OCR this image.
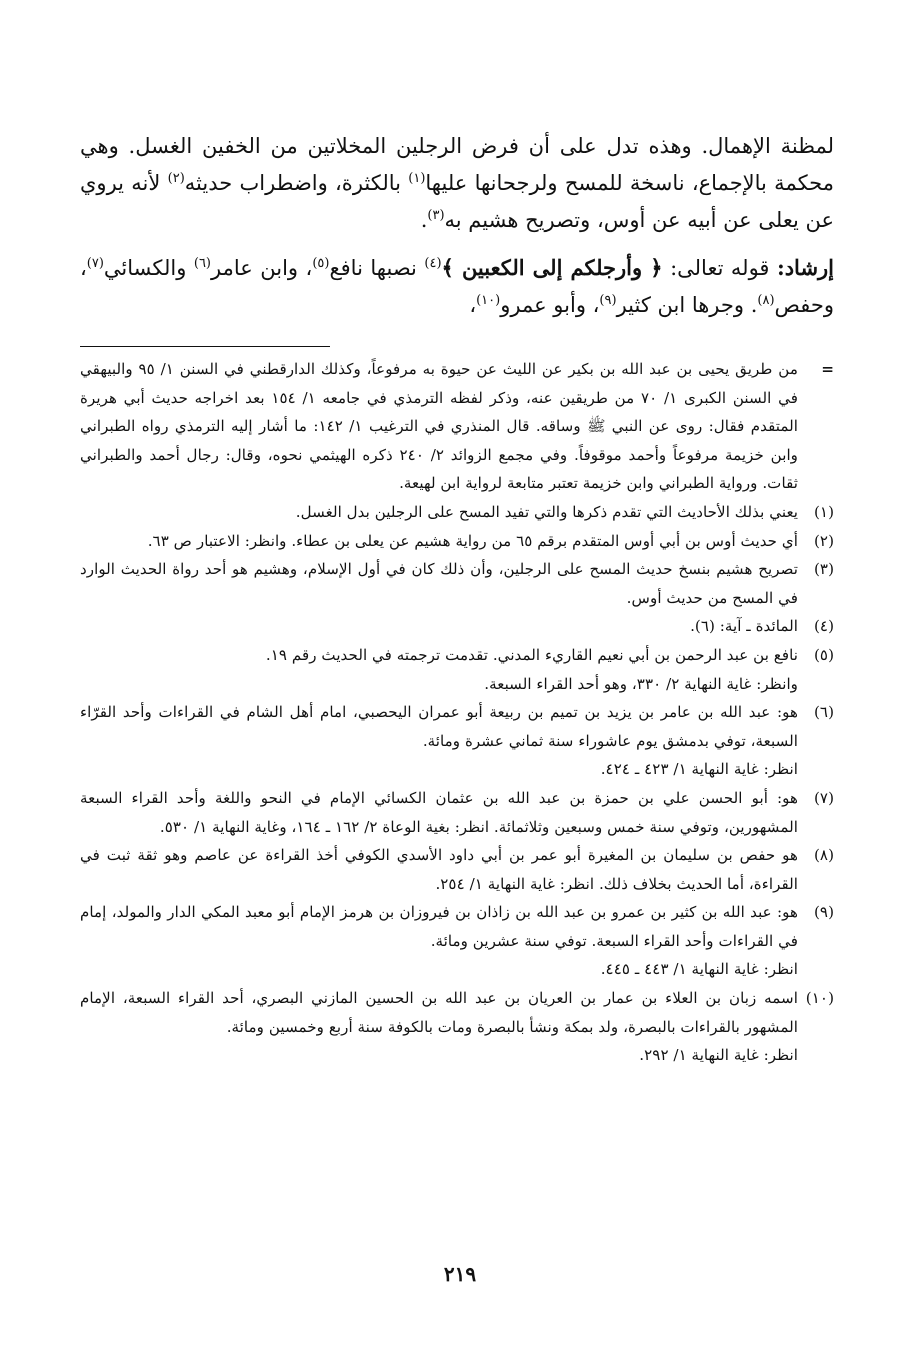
لمظنة الإهمال. وهذه تدل على أن فرض الرجلين المخلاتين من الخفين الغسل. وهي محكمة بالإجماع، ناسخة للمسح ولرجحانها عليها$^{(١)}$ بالكثرة، واضطراب حديثه$^{(٢)}$ لأنه يروي عن يعلى عن أبيه عن أوس، وتصريح هشيم به$^{(٣)}$.

إرشاد: قوله تعالى: ﴿ وأرجلكم إلى الكعبين ﴾$^{(٤)}$ نصبها نافع$^{(٥)}$، وابن عامر$^{(٦)}$ والكسائي$^{(٧)}$، وحفص$^{(٨)}$. وجرها ابن كثير$^{(٩)}$، وأبو عمرو$^{(١٠)}$،

=

من طريق يحيى بن عبد الله بن بكير عن الليث عن حيوة به مرفوعاً، وكذلك الدارقطني في السنن ١/ ٩٥ والبيهقي في السنن الكبرى ١/ ٧٠ من طريقين عنه، وذكر لفظه الترمذي في جامعه ١/ ١٥٤ بعد اخراجه حديث أبي هريرة المتقدم فقال: روى عن النبي ﷺ وساقه. قال المنذري في الترغيب ١/ ١٤٢: ما أشار إليه الترمذي رواه الطبراني وابن خزيمة مرفوعاً وأحمد موقوفاً. وفي مجمع الزوائد ٢/ ٢٤٠ ذكره الهيثمي نحوه، وقال: رجال أحمد والطبراني ثقات. ورواية الطبراني وابن خزيمة تعتبر متابعة لرواية ابن لهيعة.

(١)

يعني بذلك الأحاديث التي تقدم ذكرها والتي تفيد المسح على الرجلين بدل الغسل.

(٢)

أي حديث أوس بن أبي أوس المتقدم برقم ٦٥ من رواية هشيم عن يعلى بن عطاء. وانظر: الاعتبار ص ٦٣.

(٣)

تصريح هشيم بنسخ حديث المسح على الرجلين، وأن ذلك كان في أول الإسلام، وهشيم هو أحد رواة الحديث الوارد في المسح من حديث أوس.

(٤)

المائدة ـ آية: (٦).

(٥)

نافع بن عبد الرحمن بن أبي نعيم القاريء المدني. تقدمت ترجمته في الحديث رقم ١٩.

وانظر: غاية النهاية ٢/ ٣٣٠، وهو أحد القراء السبعة.

(٦)

هو: عبد الله بن عامر بن يزيد بن تميم بن ربيعة أبو عمران اليحصبي، امام أهل الشام في القراءات وأحد القرّاء السبعة، توفي بدمشق يوم عاشوراء سنة ثماني عشرة ومائة.

انظر: غاية النهاية ١/ ٤٢٣ ـ ٤٢٤.

(٧)

هو: أبو الحسن علي بن حمزة بن عبد الله بن عثمان الكسائي الإمام في النحو واللغة وأحد القراء السبعة المشهورين، وتوفي سنة خمس وسبعين وثلاثمائة. انظر: بغية الوعاة ٢/ ١٦٢ ـ ١٦٤، وغاية النهاية ١/ ٥٣٠.

(٨)

هو حفص بن سليمان بن المغيرة أبو عمر بن أبي داود الأسدي الكوفي أخذ القراءة عن عاصم وهو ثقة ثبت في القراءة، أما الحديث بخلاف ذلك. انظر: غاية النهاية ١/ ٢٥٤.

(٩)

هو: عبد الله بن كثير بن عمرو بن عبد الله بن زاذان بن فيروزان بن هرمز الإمام أبو معبد المكي الدار والمولد، إمام في القراءات وأحد القراء السبعة. توفي سنة عشرين ومائة.

انظر: غاية النهاية ١/ ٤٤٣ ـ ٤٤٥.

(١٠)

اسمه زبان بن العلاء بن عمار بن العريان بن عبد الله بن الحسين المازني البصري، أحد القراء السبعة، الإمام المشهور بالقراءات بالبصرة، ولد بمكة ونشأ بالبصرة ومات بالكوفة سنة أربع وخمسين ومائة.

انظر: غاية النهاية ١/ ٢٩٢.

٢١٩
